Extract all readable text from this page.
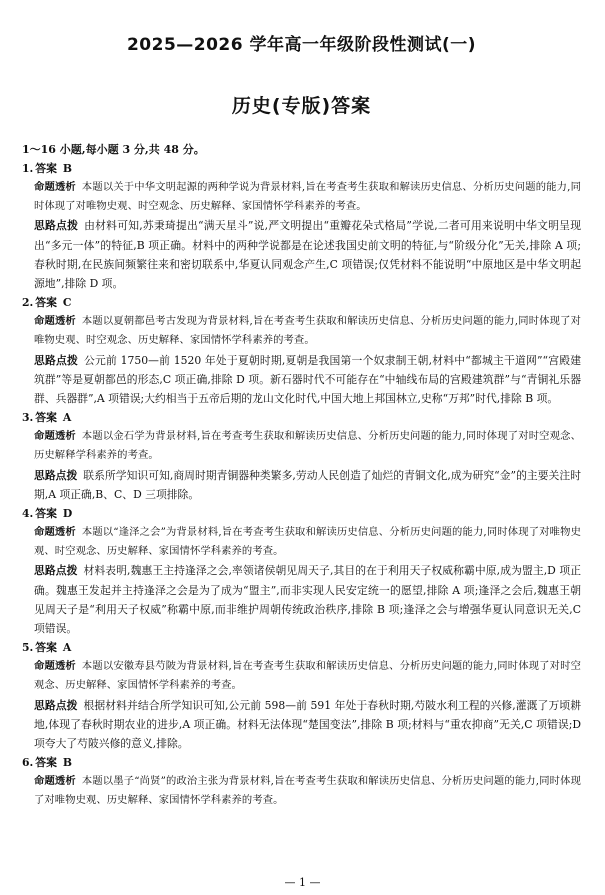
2025—2026 学年高一年级阶段性测试(一)
历史(专版)答案
1～16 小题,每小题 3 分,共 48 分。
1. 答案 B

命题透析 本题以关于中华文明起源的两种学说为背景材料,旨在考查考生获取和解读历史信息、分析历史问题的能力,同时体现了对唯物史观、时空观念、历史解释、家国情怀学科素养的考查。

思路点拨 由材料可知,苏秉琦提出“满天星斗”说,严文明提出“重瓣花朵式格局”学说,二者可用来说明中华文明呈现出“多元一体”的特征,B 项正确。材料中的两种学说都是在论述我国史前文明的特征,与“阶级分化”无关,排除 A 项;春秋时期,在民族间频繁往来和密切联系中,华夏认同观念产生,C 项错误;仅凭材料不能说明“中原地区是中华文明起源地”,排除 D 项。

2. 答案 C

命题透析 本题以夏朝都邑考古发现为背景材料,旨在考查考生获取和解读历史信息、分析历史问题的能力,同时体现了对唯物史观、时空观念、历史解释、家国情怀学科素养的考查。

思路点拨 公元前 1750—前 1520 年处于夏朝时期,夏朝是我国第一个奴隶制王朝,材料中“都城主干道网”“宫殿建筑群”等是夏朝都邑的形态,C 项正确,排除 D 项。新石器时代不可能存在“中轴线布局的宫殿建筑群”与“青铜礼乐器群、兵器群”,A 项错误;大约相当于五帝后期的龙山文化时代,中国大地上邦国林立,史称“万邦”时代,排除 B 项。

3. 答案 A

命题透析 本题以金石学为背景材料,旨在考查考生获取和解读历史信息、分析历史问题的能力,同时体现了对时空观念、历史解释学科素养的考查。

思路点拨 联系所学知识可知,商周时期青铜器种类繁多,劳动人民创造了灿烂的青铜文化,成为研究“金”的主要关注时期,A 项正确,B、C、D 三项排除。

4. 答案 D

命题透析 本题以“逢泽之会”为背景材料,旨在考查考生获取和解读历史信息、分析历史问题的能力,同时体现了对唯物史观、时空观念、历史解释、家国情怀学科素养的考查。

思路点拨 材料表明,魏惠王主持逢泽之会,率领诸侯朝见周天子,其目的在于利用天子权威称霸中原,成为盟主,D 项正确。魏惠王发起并主持逢泽之会是为了成为“盟主”,而非实现人民安定统一的愿望,排除 A 项;逢泽之会后,魏惠王朝见周天子是“利用天子权威”称霸中原,而非维护周朝传统政治秩序,排除 B 项;逢泽之会与增强华夏认同意识无关,C 项错误。

5. 答案 A

命题透析 本题以安徽寿县芍陂为背景材料,旨在考查考生获取和解读历史信息、分析历史问题的能力,同时体现了对时空观念、历史解释、家国情怀学科素养的考查。

思路点拨 根据材料并结合所学知识可知,公元前 598—前 591 年处于春秋时期,芍陂水利工程的兴修,灌溉了万顷耕地,体现了春秋时期农业的进步,A 项正确。材料无法体现“楚国变法”,排除 B 项;材料与“重农抑商”无关,C 项错误;D 项夸大了芍陂兴修的意义,排除。

6. 答案 B

命题透析 本题以墨子“尚贤”的政治主张为背景材料,旨在考查考生获取和解读历史信息、分析历史问题的能力,同时体现了对唯物史观、历史解释、家国情怀学科素养的考查。

— 1 —
